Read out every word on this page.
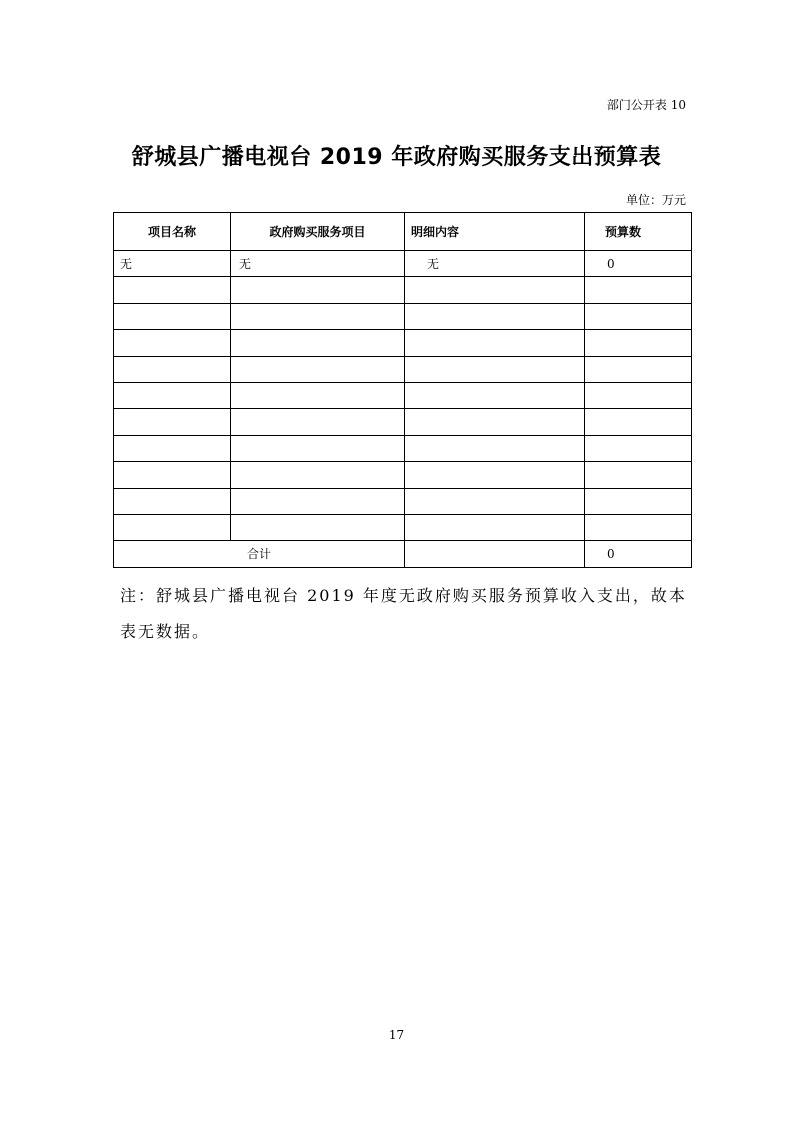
部门公开表 10
舒城县广播电视台 2019 年政府购买服务支出预算表
单位：万元
项目名称	政府购买服务项目	明细内容	预算数
无	无	无	0

合计			0
注：舒城县广播电视台 2019 年度无政府购买服务预算收入支出，故本表无数据。
17
